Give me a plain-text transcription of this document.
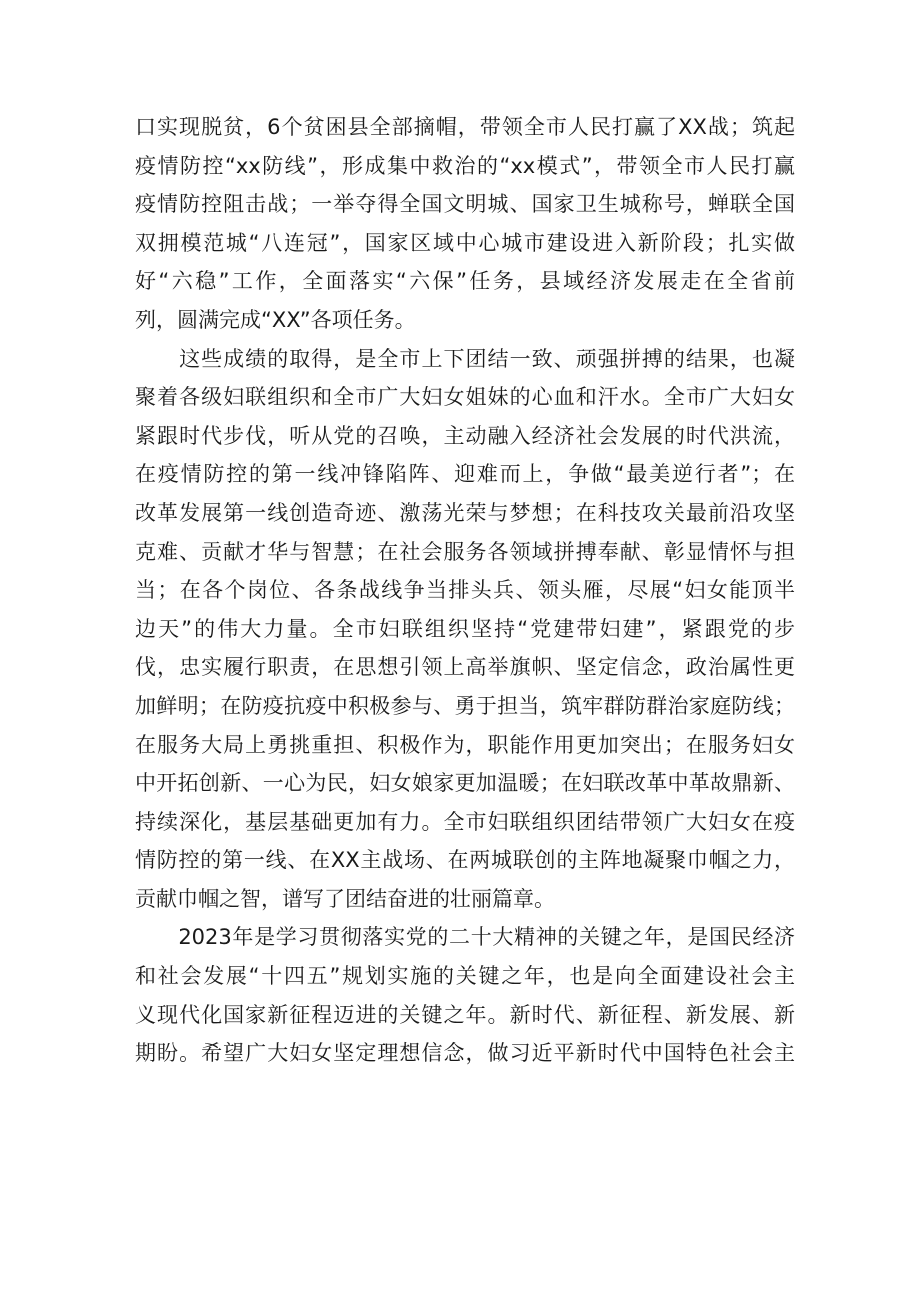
口实现脱贫，6个贫困县全部摘帽，带领全市人民打赢了XX战；筑起
疫情防控“xx防线”，形成集中救治的“xx模式”，带领全市人民打赢
疫情防控阻击战；一举夺得全国文明城、国家卫生城称号，蝉联全国
双拥模范城“八连冠”，国家区域中心城市建设进入新阶段；扎实做
好“六稳”工作，全面落实“六保”任务，县域经济发展走在全省前
列，圆满完成“XX”各项任务。
　　这些成绩的取得，是全市上下团结一致、顽强拼搏的结果，也凝
聚着各级妇联组织和全市广大妇女姐妹的心血和汗水。全市广大妇女
紧跟时代步伐，听从党的召唤，主动融入经济社会发展的时代洪流，
在疫情防控的第一线冲锋陷阵、迎难而上，争做“最美逆行者”；在
改革发展第一线创造奇迹、激荡光荣与梦想；在科技攻关最前沿攻坚
克难、贡献才华与智慧；在社会服务各领域拼搏奉献、彰显情怀与担
当；在各个岗位、各条战线争当排头兵、领头雁，尽展“妇女能顶半
边天”的伟大力量。全市妇联组织坚持“党建带妇建”，紧跟党的步
伐，忠实履行职责，在思想引领上高举旗帜、坚定信念，政治属性更
加鲜明；在防疫抗疫中积极参与、勇于担当，筑牢群防群治家庭防线；
在服务大局上勇挑重担、积极作为，职能作用更加突出；在服务妇女
中开拓创新、一心为民，妇女娘家更加温暖；在妇联改革中革故鼎新、
持续深化，基层基础更加有力。全市妇联组织团结带领广大妇女在疫
情防控的第一线、在XX主战场、在两城联创的主阵地凝聚巾帼之力，
贡献巾帼之智，谱写了团结奋进的壮丽篇章。
　　2023年是学习贯彻落实党的二十大精神的关键之年，是国民经济
和社会发展“十四五”规划实施的关键之年，也是向全面建设社会主
义现代化国家新征程迈进的关键之年。新时代、新征程、新发展、新
期盼。希望广大妇女坚定理想信念，做习近平新时代中国特色社会主
